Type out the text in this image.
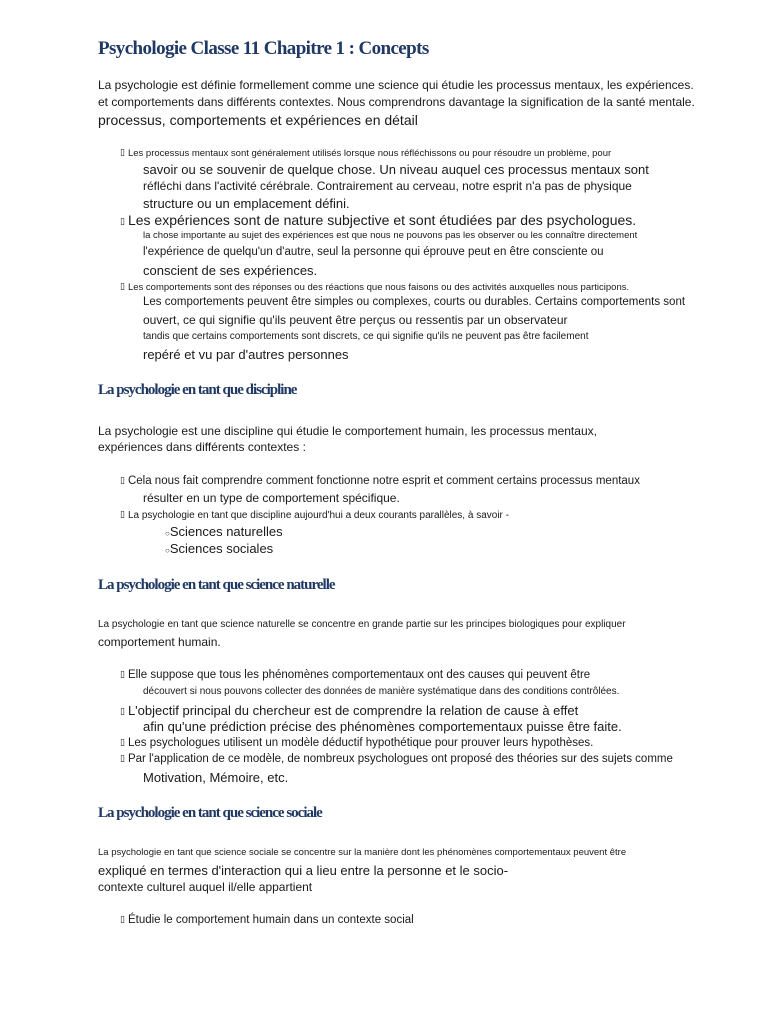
Psychologie Classe 11 Chapitre 1 : Concepts
La psychologie est définie formellement comme une science qui étudie les processus mentaux, les expériences.
et comportements dans différents contextes. Nous comprendrons davantage la signification de la santé mentale.
processus, comportements et expériences en détail
▯ Les processus mentaux sont généralement utilisés lorsque nous réfléchissons ou pour résoudre un problème, pour
savoir ou se souvenir de quelque chose. Un niveau auquel ces processus mentaux sont
réfléchi dans l'activité cérébrale. Contrairement au cerveau, notre esprit n'a pas de physique
structure ou un emplacement défini.
▯ Les expériences sont de nature subjective et sont étudiées par des psychologues.
la chose importante au sujet des expériences est que nous ne pouvons pas les observer ou les connaître directement
l'expérience de quelqu'un d'autre, seul la personne qui éprouve peut en être consciente ou
conscient de ses expériences.
▯ Les comportements sont des réponses ou des réactions que nous faisons ou des activités auxquelles nous participons.
Les comportements peuvent être simples ou complexes, courts ou durables. Certains comportements sont
ouvert, ce qui signifie qu'ils peuvent être perçus ou ressentis par un observateur
tandis que certains comportements sont discrets, ce qui signifie qu'ils ne peuvent pas être facilement
repéré et vu par d'autres personnes
La psychologie en tant que discipline
La psychologie est une discipline qui étudie le comportement humain, les processus mentaux,
expériences dans différents contextes :
▯ Cela nous fait comprendre comment fonctionne notre esprit et comment certains processus mentaux
résulter en un type de comportement spécifique.
▯ La psychologie en tant que discipline aujourd'hui a deux courants parallèles, à savoir -
○Sciences naturelles
○Sciences sociales
La psychologie en tant que science naturelle
La psychologie en tant que science naturelle se concentre en grande partie sur les principes biologiques pour expliquer
comportement humain.
▯ Elle suppose que tous les phénomènes comportementaux ont des causes qui peuvent être
découvert si nous pouvons collecter des données de manière systématique dans des conditions contrôlées.
▯ L'objectif principal du chercheur est de comprendre la relation de cause à effet
afin qu'une prédiction précise des phénomènes comportementaux puisse être faite.
▯ Les psychologues utilisent un modèle déductif hypothétique pour prouver leurs hypothèses.
▯ Par l'application de ce modèle, de nombreux psychologues ont proposé des théories sur des sujets comme
Motivation, Mémoire, etc.
La psychologie en tant que science sociale
La psychologie en tant que science sociale se concentre sur la manière dont les phénomènes comportementaux peuvent être
expliqué en termes d'interaction qui a lieu entre la personne et le socio-
contexte culturel auquel il/elle appartient
▯ Étudie le comportement humain dans un contexte social
